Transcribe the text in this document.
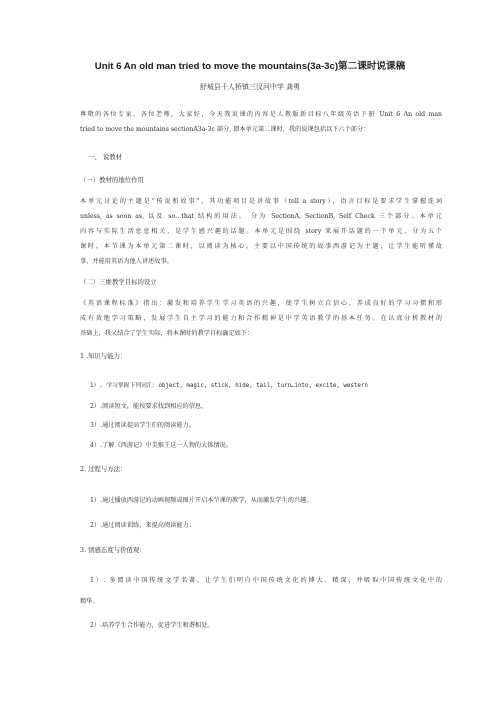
Unit 6 An old man tried to move the mountains(3a-3c)第二课时说课稿
舒城县千人桥镇三汊河中学 龚勇
尊敬的各位专家，各位老师，大家好，今天我说课的内容是人教版新目标八年级英语下册 Unit 6 An old man
tried to move the mountains sectionA3a-3c 部分, 即本单元第二课时，我的说课包括以下六个部分：
一、 说教材
（一）教材的地位作用
本单元讨论的主题是“传说和故事”，其功能项目是讲故事（tell a story），语言目标是要求学生掌握连词
unless, as soon as, 以及 so…that 结构的用法。 分为 SectionA, SectionB, Self Check 三个部分。本单元
内容与实际生活息息相关，是学生感兴趣的话题。本单元是围绕 story 来展开话题的一个单元，分为五个
课时。本节课为本单元第二课时，以阅读为核心，主要以中国传统的故事西游记为主题，让学生能听懂故
事，并能用英语为他人讲述故事。
（二）三维教学目标的设立
《英语课程标准》指出：激发和培养学生学习英语的兴趣，使学生树立自信心，养成良好的学习习惯和形
成有效地学习策略，发展学生自主学习的能力和合作精神是中学英语教学的基本任务。在认真分析教材的
基础上，我又结合了学生实际，将本课时的教学目标确定如下：
1 .知识与能力：
1）. 学习掌握下列词汇：object, magic, stick, hide, tail, turn…into, excite, western
2）.阅读短文，能按要求找到相应的信息。
3）.通过阅读提高学生们的阅读能力。
4）.了解《西游记》中美猴王这一人物的大体情况。
2. 过程与方法：
1）.通过播放西游记的动画视频或图片开启本节课的教学，从而激发学生的兴趣。
2）.通过阅读训练，来提高阅读能力；
3. 情感态度与价值观：
1）. 多阅读中国传统文学名著，让学生们明白中国传统文化的博大、精深，并吸取中国传统文化中的
精华。
2）.培养学生合作能力，促进学生和谐相处。
